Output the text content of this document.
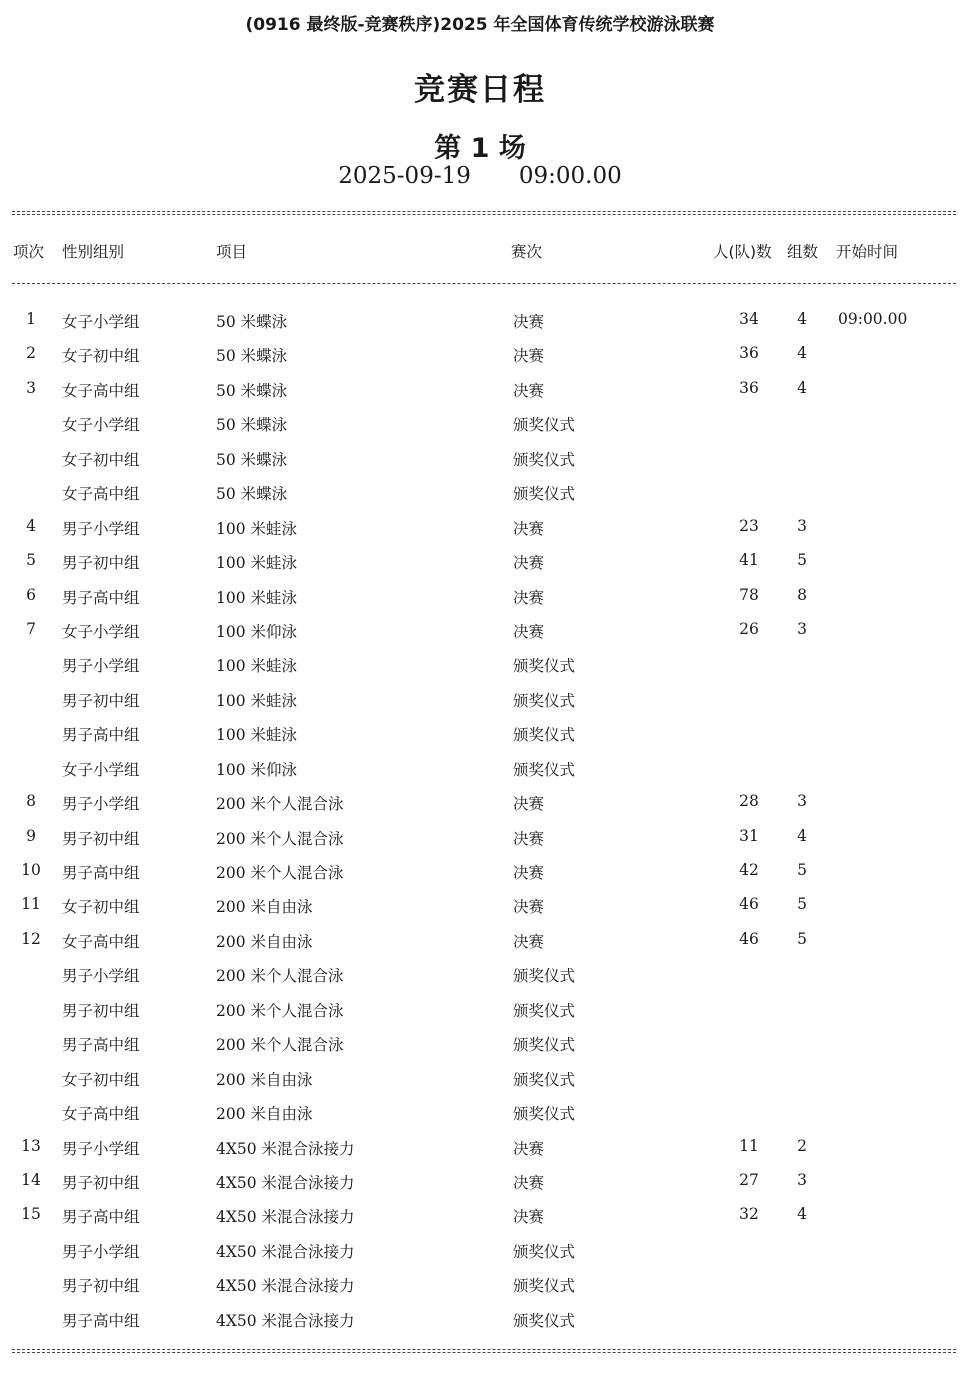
(0916 最终版-竞赛秩序)2025 年全国体育传统学校游泳联赛
竞赛日程
第 1 场
2025-09-19 09:00.00
项次 性别组别	项目	赛次	人(队)数 组数 开始时间
1	女子小学组	50 米蝶泳	决赛	34	4	09:00.00
2	女子初中组	50 米蝶泳	决赛	36	4
3	女子高中组	50 米蝶泳	决赛	36	4
女子小学组	50 米蝶泳	颁奖仪式
女子初中组	50 米蝶泳	颁奖仪式
女子高中组	50 米蝶泳	颁奖仪式
4	男子小学组	100 米蛙泳	决赛	23	3
5	男子初中组	100 米蛙泳	决赛	41	5
6	男子高中组	100 米蛙泳	决赛	78	8
7	女子小学组	100 米仰泳	决赛	26	3
男子小学组	100 米蛙泳	颁奖仪式
男子初中组	100 米蛙泳	颁奖仪式
男子高中组	100 米蛙泳	颁奖仪式
女子小学组	100 米仰泳	颁奖仪式
8	男子小学组	200 米个人混合泳	决赛	28	3
9	男子初中组	200 米个人混合泳	决赛	31	4
10	男子高中组	200 米个人混合泳	决赛	42	5
11	女子初中组	200 米自由泳	决赛	46	5
12	女子高中组	200 米自由泳	决赛	46	5
男子小学组	200 米个人混合泳	颁奖仪式
男子初中组	200 米个人混合泳	颁奖仪式
男子高中组	200 米个人混合泳	颁奖仪式
女子初中组	200 米自由泳	颁奖仪式
女子高中组	200 米自由泳	颁奖仪式
13	男子小学组	4X50 米混合泳接力	决赛	11	2
14	男子初中组	4X50 米混合泳接力	决赛	27	3
15	男子高中组	4X50 米混合泳接力	决赛	32	4
男子小学组	4X50 米混合泳接力	颁奖仪式
男子初中组	4X50 米混合泳接力	颁奖仪式
男子高中组	4X50 米混合泳接力	颁奖仪式
